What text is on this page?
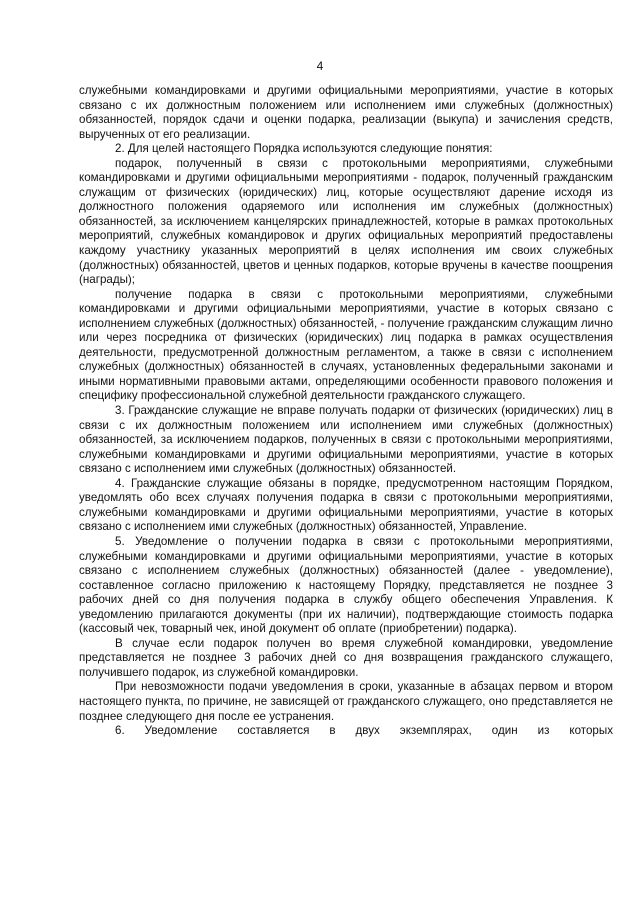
4

служебными командировками и другими официальными мероприятиями, участие в которых связано с их должностным положением или исполнением ими служебных (должностных) обязанностей, порядок сдачи и оценки подарка, реализации (выкупа) и зачисления средств, вырученных от его реализации.

2. Для целей настоящего Порядка используются следующие понятия:

подарок, полученный в связи с протокольными мероприятиями, служебными командировками и другими официальными мероприятиями - подарок, полученный гражданским служащим от физических (юридических) лиц, которые осуществляют дарение исходя из должностного положения одаряемого или исполнения им служебных (должностных) обязанностей, за исключением канцелярских принадлежностей, которые в рамках протокольных мероприятий, служебных командировок и других официальных мероприятий предоставлены каждому участнику указанных мероприятий в целях исполнения им своих служебных (должностных) обязанностей, цветов и ценных подарков, которые вручены в качестве поощрения (награды);

получение подарка в связи с протокольными мероприятиями, служебными командировками и другими официальными мероприятиями, участие в которых связано с исполнением служебных (должностных) обязанностей, - получение гражданским служащим лично или через посредника от физических (юридических) лиц подарка в рамках осуществления деятельности, предусмотренной должностным регламентом, а также в связи с исполнением служебных (должностных) обязанностей в случаях, установленных федеральными законами и иными нормативными правовыми актами, определяющими особенности правового положения и специфику профессиональной служебной деятельности гражданского служащего.

3. Гражданские служащие не вправе получать подарки от физических (юридических) лиц в связи с их должностным положением или исполнением ими служебных (должностных) обязанностей, за исключением подарков, полученных в связи с протокольными мероприятиями, служебными командировками и другими официальными мероприятиями, участие в которых связано с исполнением ими служебных (должностных) обязанностей.

4. Гражданские служащие обязаны в порядке, предусмотренном настоящим Порядком, уведомлять обо всех случаях получения подарка в связи с протокольными мероприятиями, служебными командировками и другими официальными мероприятиями, участие в которых связано с исполнением ими служебных (должностных) обязанностей, Управление.

5. Уведомление о получении подарка в связи с протокольными мероприятиями, служебными командировками и другими официальными мероприятиями, участие в которых связано с исполнением служебных (должностных) обязанностей (далее - уведомление), составленное согласно приложению к настоящему Порядку, представляется не позднее 3 рабочих дней со дня получения подарка в службу общего обеспечения Управления. К уведомлению прилагаются документы (при их наличии), подтверждающие стоимость подарка (кассовый чек, товарный чек, иной документ об оплате (приобретении) подарка).

В случае если подарок получен во время служебной командировки, уведомление представляется не позднее 3 рабочих дней со дня возвращения гражданского служащего, получившего подарок, из служебной командировки.

При невозможности подачи уведомления в сроки, указанные в абзацах первом и втором настоящего пункта, по причине, не зависящей от гражданского служащего, оно представляется не позднее следующего дня после ее устранения.

6. Уведомление составляется в двух экземплярах, один из которых
